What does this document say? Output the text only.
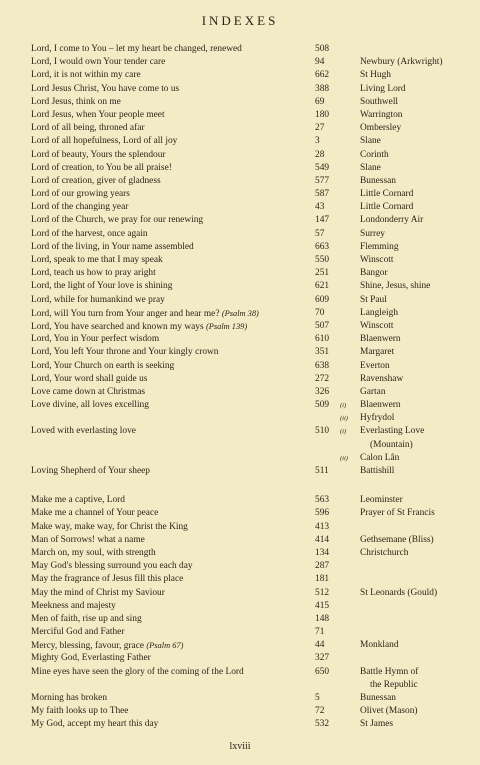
INDEXES
Lord, I come to You – let my heart be changed, renewed	508
Lord, I would own Your tender care	94	Newbury (Arkwright)
Lord, it is not within my care	662	St Hugh
Lord Jesus Christ, You have come to us	388	Living Lord
Lord Jesus, think on me	69	Southwell
Lord Jesus, when Your people meet	180	Warrington
Lord of all being, throned afar	27	Ombersley
Lord of all hopefulness, Lord of all joy	3	Slane
Lord of beauty, Yours the splendour	28	Corinth
Lord of creation, to You be all praise!	549	Slane
Lord of creation, giver of gladness	577	Bunessan
Lord of our growing years	587	Little Cornard
Lord of the changing year	43	Little Cornard
Lord of the Church, we pray for our renewing	147	Londonderry Air
Lord of the harvest, once again	57	Surrey
Lord of the living, in Your name assembled	663	Flemming
Lord, speak to me that I may speak	550	Winscott
Lord, teach us how to pray aright	251	Bangor
Lord, the light of Your love is shining	621	Shine, Jesus, shine
Lord, while for humankind we pray	609	St Paul
Lord, will You turn from Your anger and hear me? (Psalm 38)	70	Langleigh
Lord, You have searched and known my ways (Psalm 139)	507	Winscott
Lord, You in Your perfect wisdom	610	Blaenwern
Lord, You left Your throne and Your kingly crown	351	Margaret
Lord, Your Church on earth is seeking	638	Everton
Lord, Your word shall guide us	272	Ravenshaw
Love came down at Christmas	326	Gartan
Love divine, all loves excelling	509 (i) Blaenwern
(ii) Hyfrydol
Loved with everlasting love	510 (i) Everlasting Love
(Mountain)
(ii) Calon Lân
Loving Shepherd of Your sheep	511	Battishill
Make me a captive, Lord	563	Leominster
Make me a channel of Your peace	596	Prayer of St Francis
Make way, make way, for Christ the King	413
Man of Sorrows! what a name	414	Gethsemane (Bliss)
March on, my soul, with strength	134	Christchurch
May God's blessing surround you each day	287
May the fragrance of Jesus fill this place	181
May the mind of Christ my Saviour	512	St Leonards (Gould)
Meekness and majesty	415
Men of faith, rise up and sing	148
Merciful God and Father	71
Mercy, blessing, favour, grace (Psalm 67)	44	Monkland
Mighty God, Everlasting Father	327
Mine eyes have seen the glory of the coming of the Lord	650	Battle Hymn of
the Republic
Morning has broken	5	Bunessan
My faith looks up to Thee	72	Olivet (Mason)
My God, accept my heart this day	532	St James
lxviii
